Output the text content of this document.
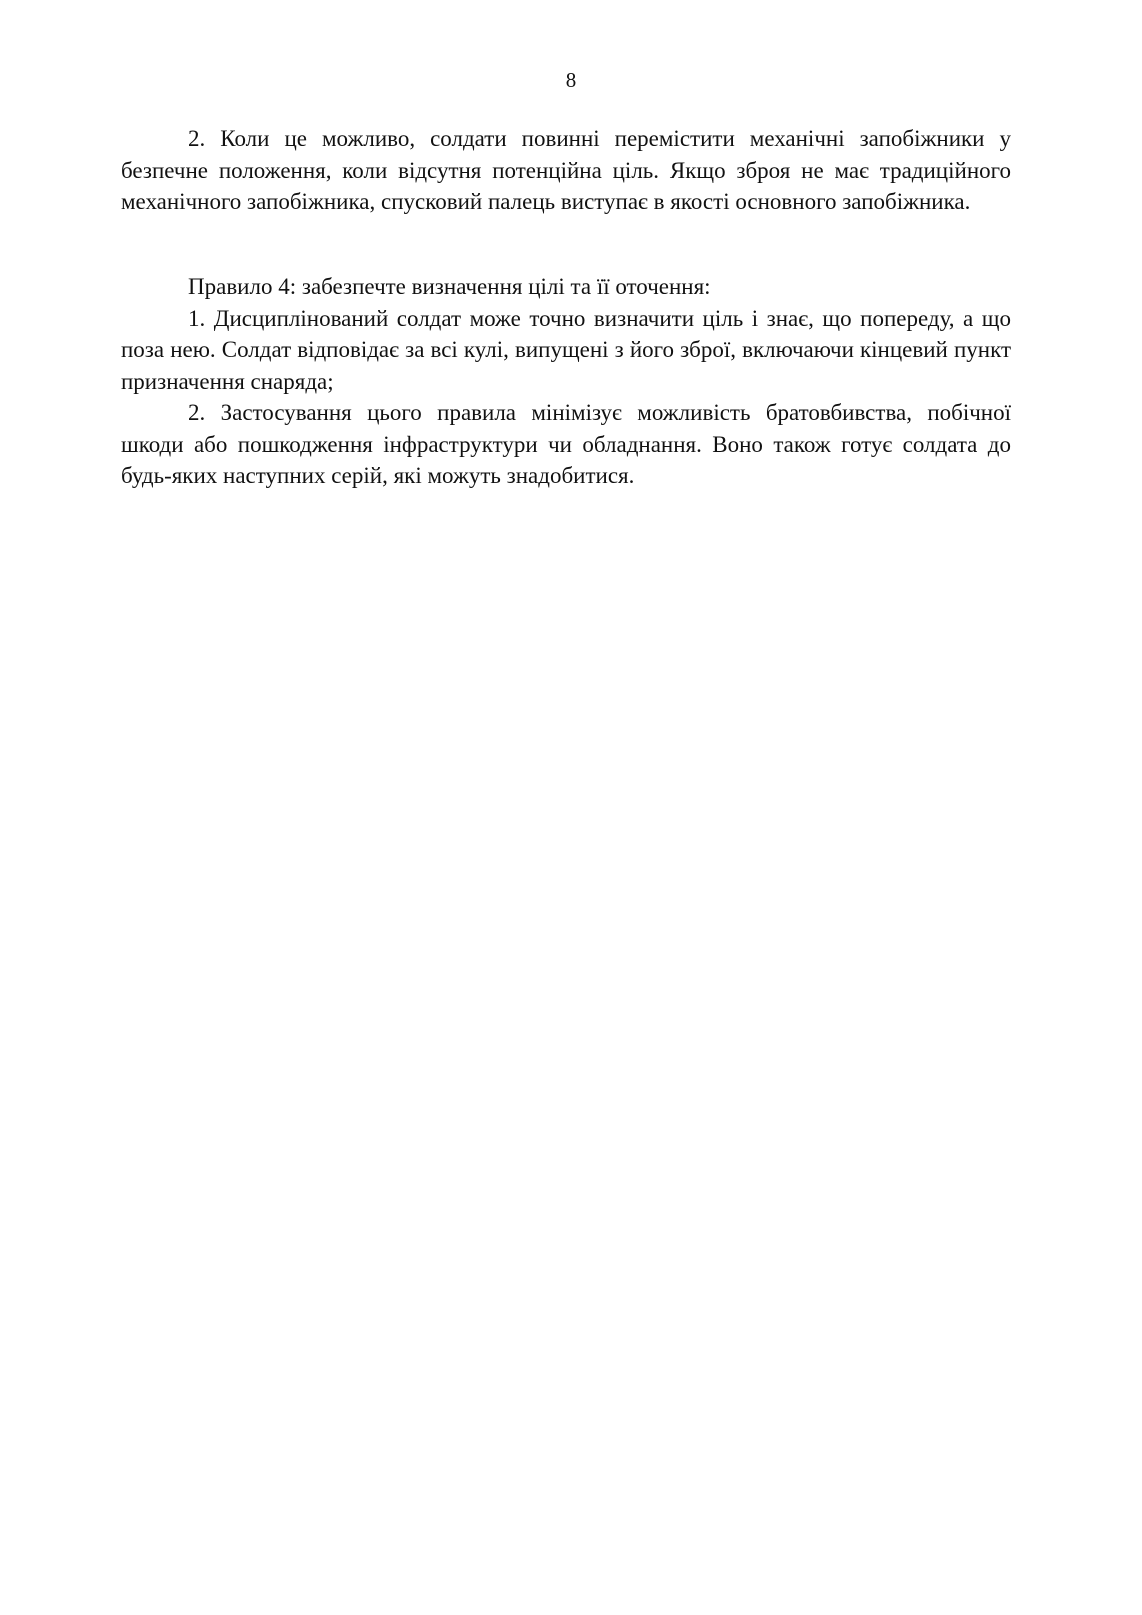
8

2. Коли це можливо, солдати повинні перемістити механічні запобіжники у безпечне положення, коли відсутня потенційна ціль. Якщо зброя не має традиційного механічного запобіжника, спусковий палець виступає в якості основного запобіжника.

Правило 4: забезпечте визначення цілі та її оточення:

1. Дисциплінований солдат може точно визначити ціль і знає, що попереду, а що поза нею. Солдат відповідає за всі кулі, випущені з його зброї, включаючи кінцевий пункт призначення снаряда;

2. Застосування цього правила мінімізує можливість братовбивства, побічної шкоди або пошкодження інфраструктури чи обладнання. Воно також готує солдата до будь-яких наступних серій, які можуть знадобитися.
